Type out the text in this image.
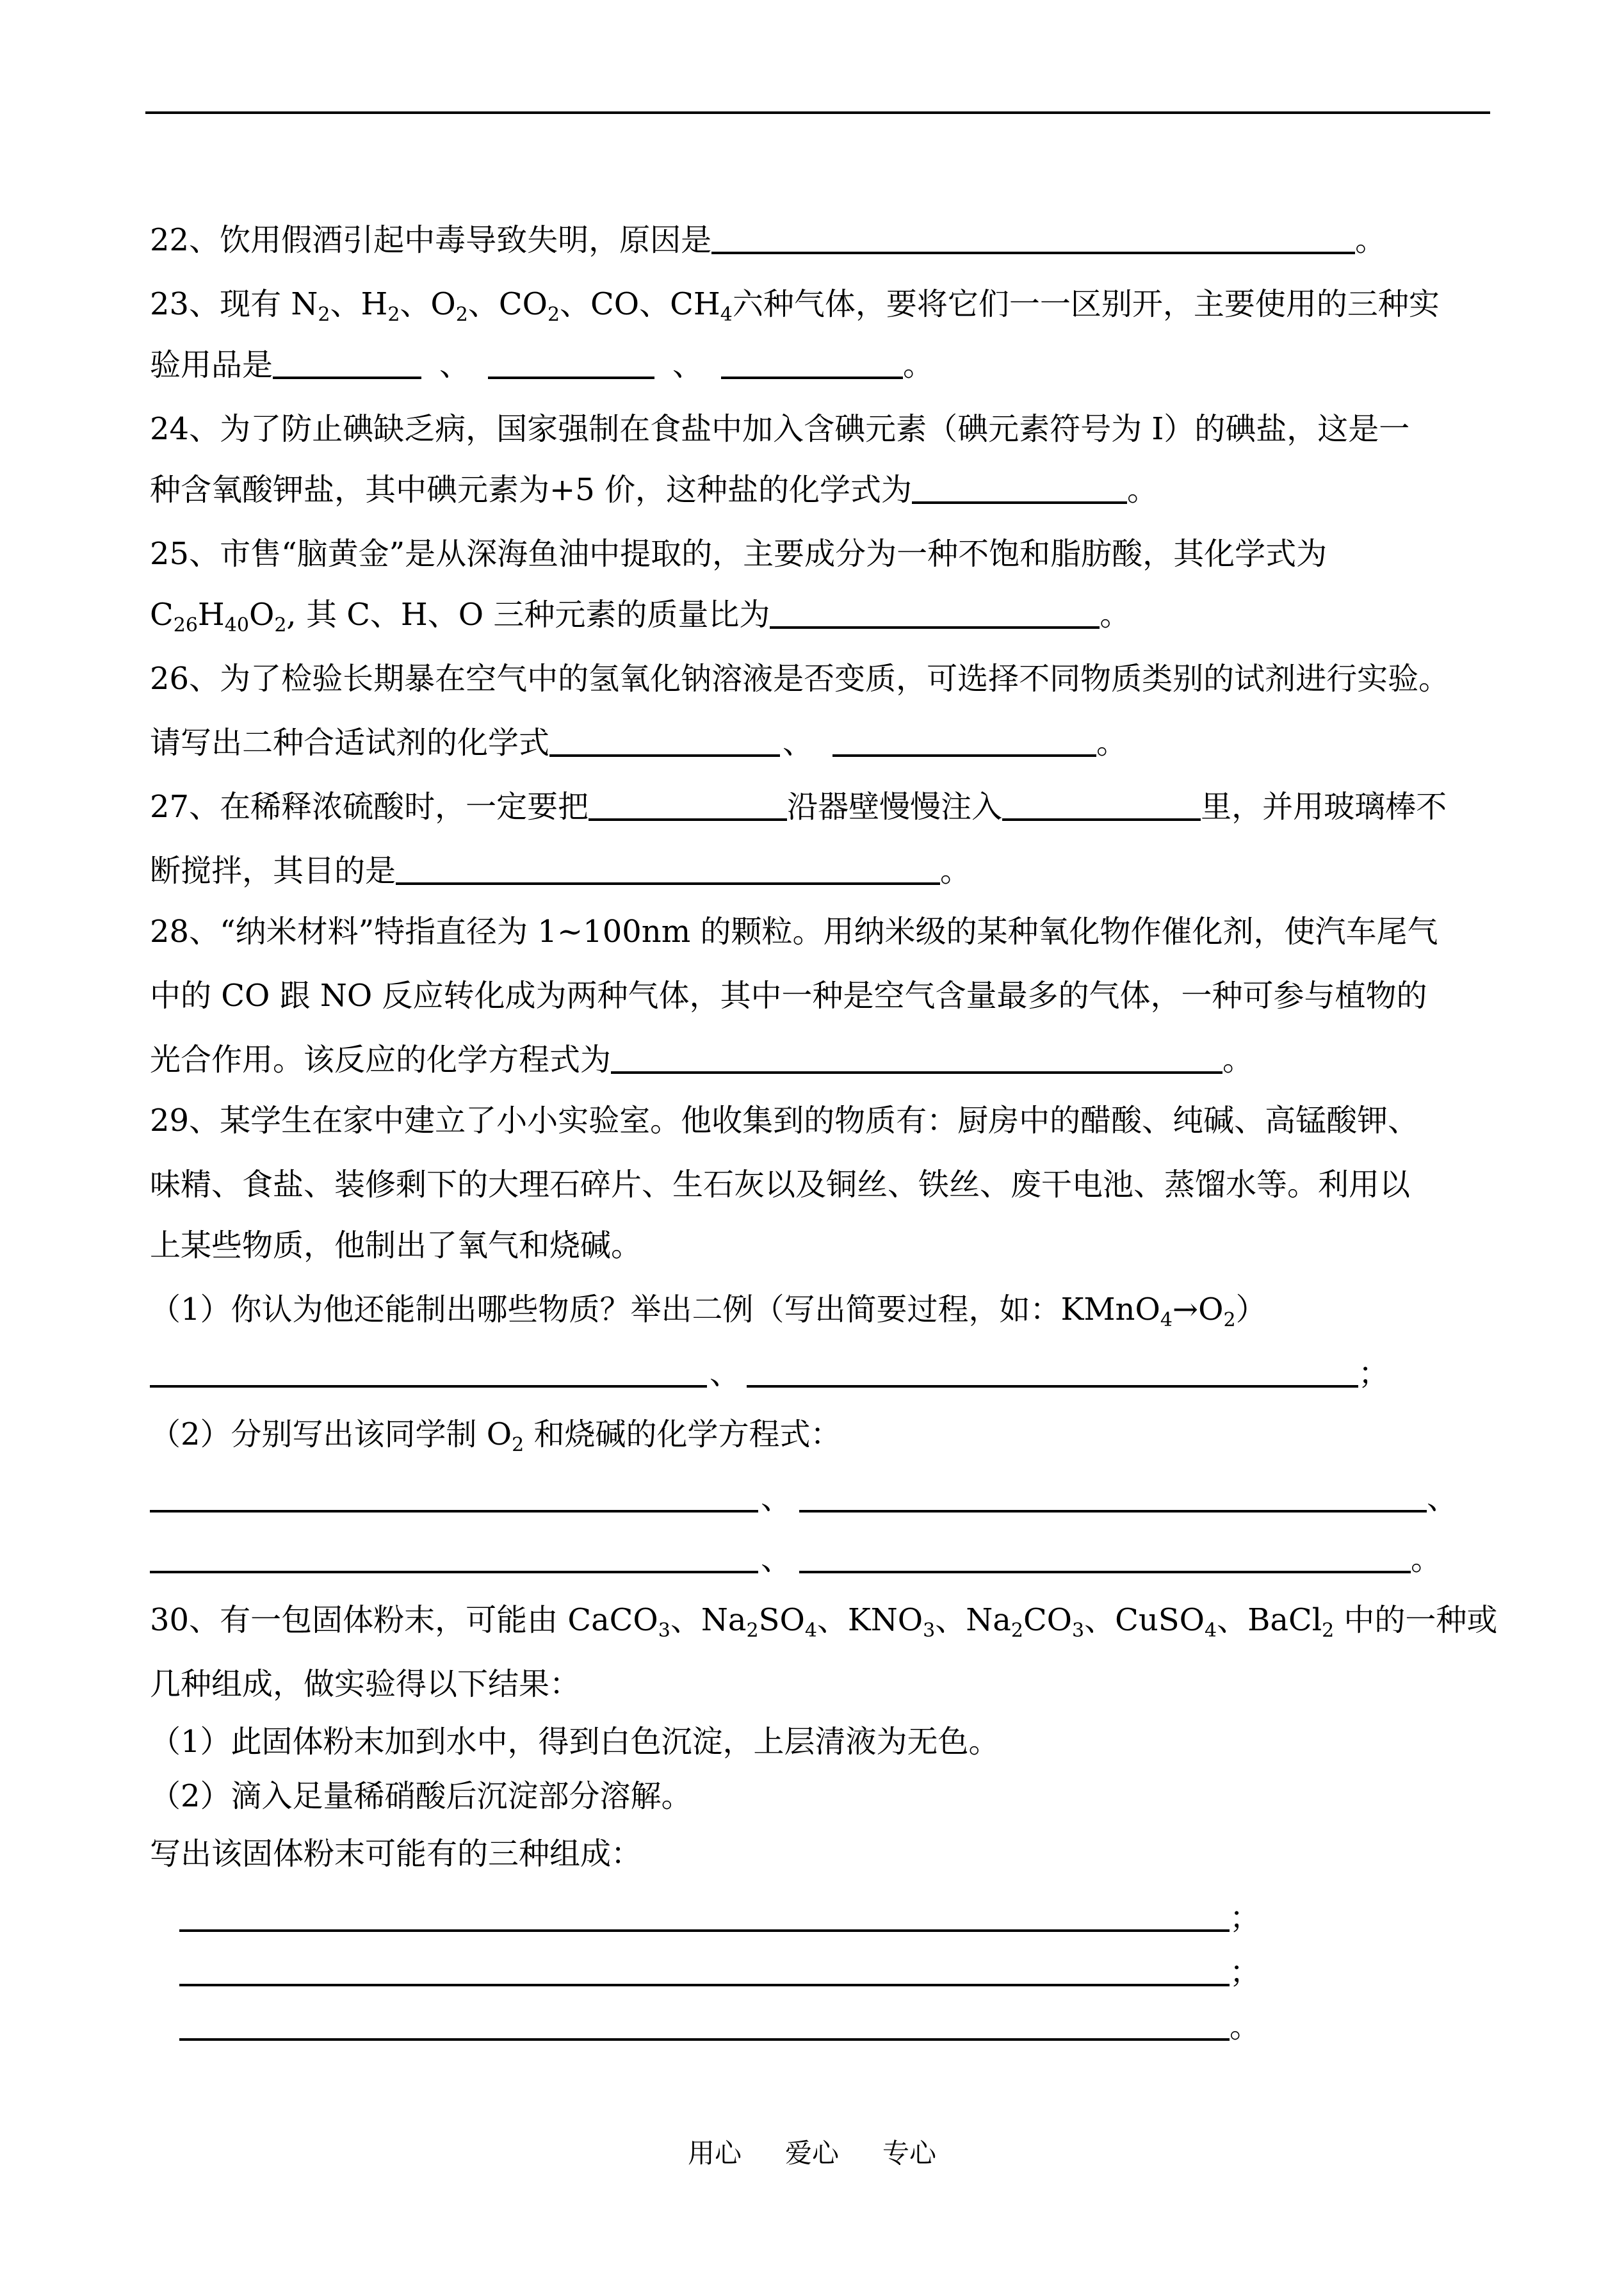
22、饮用假酒引起中毒导致失明，原因是	。
23、现有 $N_2$、$H_2$、$O_2$、$CO_2$、CO、$CH_4$六种气体，要将它们一一区别开，主要使用的三种实
验用品是	、	、	。
24、为了防止碘缺乏病，国家强制在食盐中加入含碘元素（碘元素符号为 I）的碘盐，这是一
种含氧酸钾盐，其中碘元素为+5 价，这种盐的化学式为	。
25、市售“脑黄金”是从深海鱼油中提取的，主要成分为一种不饱和脂肪酸，其化学式为
$C_{26}H_{40}O_2$, 其 C、H、O 三种元素的质量比为	。
26、为了检验长期暴在空气中的氢氧化钠溶液是否变质，可选择不同物质类别的试剂进行实验。
请写出二种合适试剂的化学式	、	。
27、在稀释浓硫酸时，一定要把	沿器壁慢慢注入	里，并用玻璃棒不
断搅拌，其目的是	。
28、“纳米材料”特指直径为 1~100nm 的颗粒。用纳米级的某种氧化物作催化剂，使汽车尾气
中的 CO 跟 NO 反应转化成为两种气体，其中一种是空气含量最多的气体，一种可参与植物的
光合作用。该反应的化学方程式为	。
29、某学生在家中建立了小小实验室。他收集到的物质有：厨房中的醋酸、纯碱、高锰酸钾、
味精、食盐、装修剩下的大理石碎片、生石灰以及铜丝、铁丝、废干电池、蒸馏水等。利用以
上某些物质，他制出了氧气和烧碱。
（1）你认为他还能制出哪些物质？举出二例（写出简要过程，如：$KMnO_4\to O_2$）
、	；
（2）分别写出该同学制 $O_2$ 和烧碱的化学方程式：
、	、
、	。
30、有一包固体粉末，可能由 CaCO$_3$、$Na_2SO_4$、$KNO_3$、$Na_2CO_3$、CuSO$_4$、BaCl$_2$ 中的一种或
几种组成，做实验得以下结果：
（1）此固体粉末加到水中，得到白色沉淀，上层清液为无色。
（2）滴入足量稀硝酸后沉淀部分溶解。
写出该固体粉末可能有的三种组成：
；
；
。
用心 爱心 专心
